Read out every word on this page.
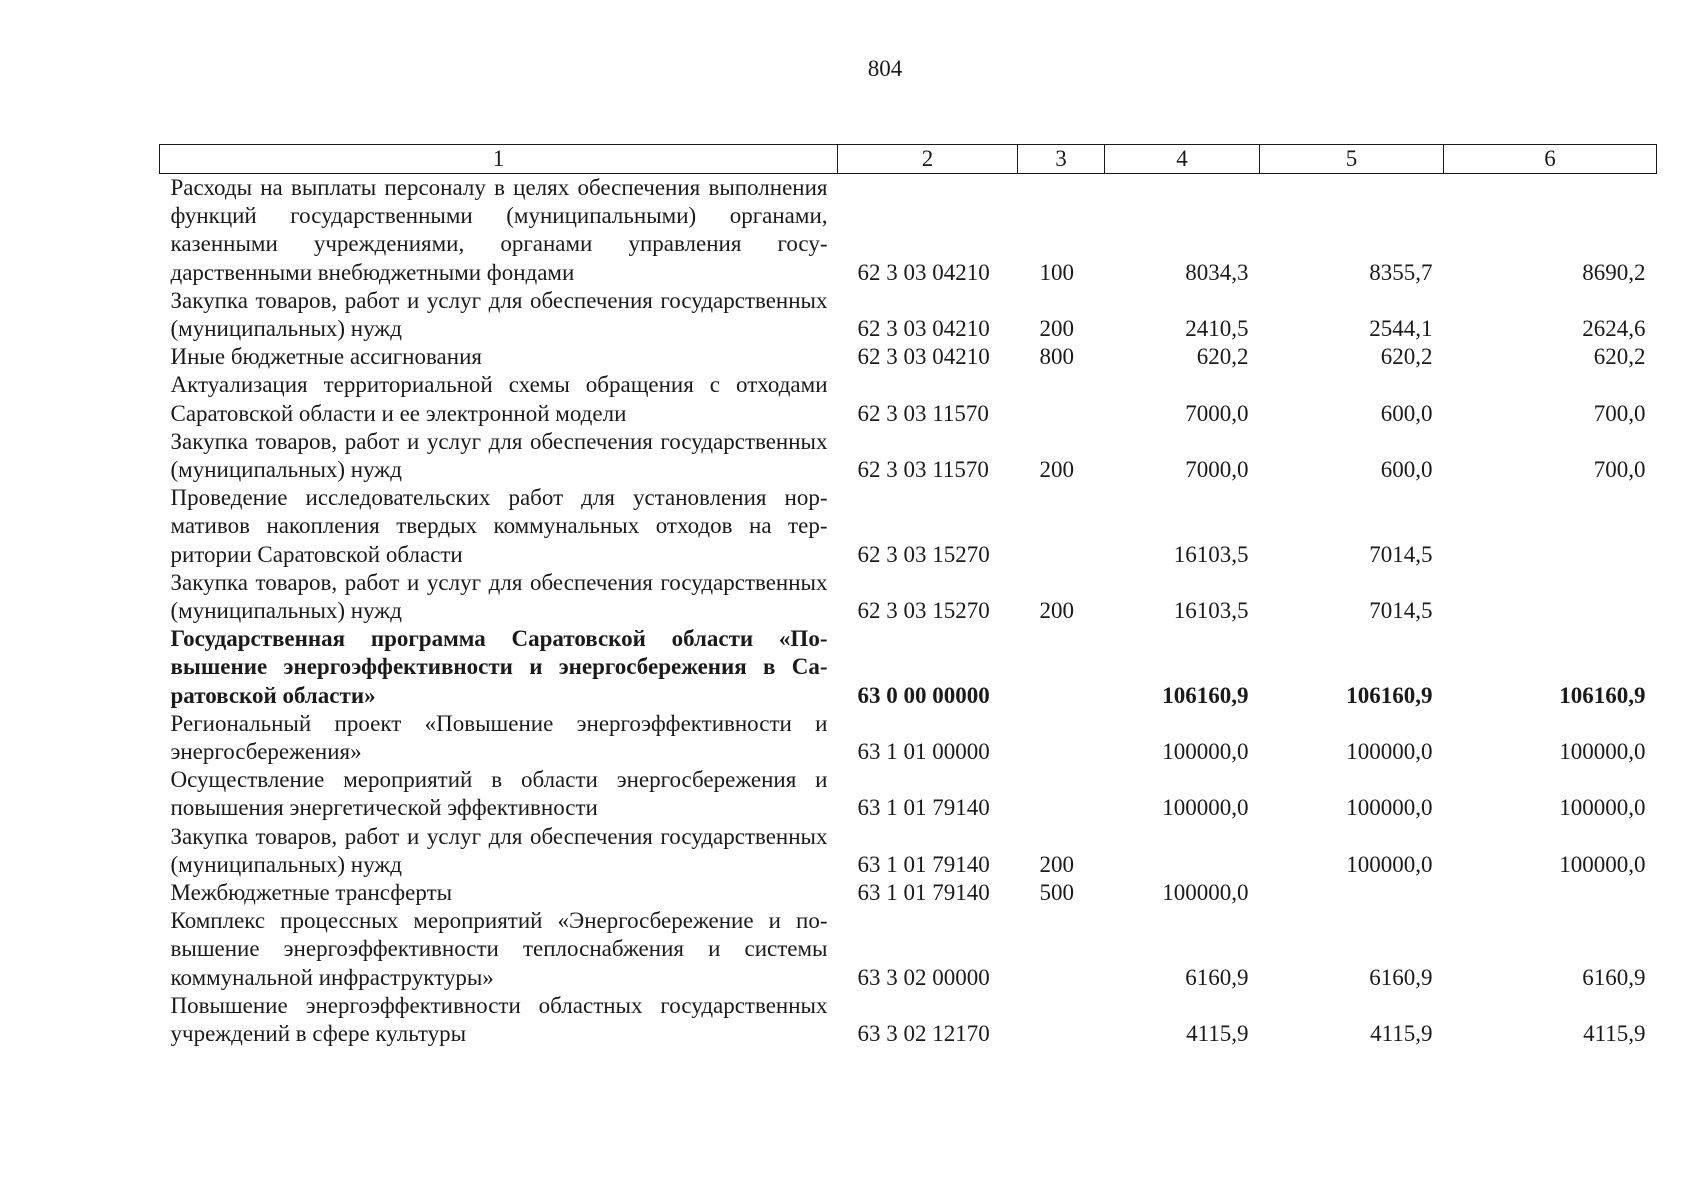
804
1	2	3	4	5	6
Расходы на выплаты персоналу в целях обеспечения выполнения функций государственными (муниципальными) органами, казенными учреждениями, органами управления государственными внебюджетными фондами	62 3 03 04210	100	8034,3	8355,7	8690,2
Закупка товаров, работ и услуг для обеспечения государственных (муниципальных) нужд	62 3 03 04210	200	2410,5	2544,1	2624,6
Иные бюджетные ассигнования	62 3 03 04210	800	620,2	620,2	620,2
Актуализация территориальной схемы обращения с отходами Саратовской области и ее электронной модели	62 3 03 11570		7000,0	600,0	700,0
Закупка товаров, работ и услуг для обеспечения государственных (муниципальных) нужд	62 3 03 11570	200	7000,0	600,0	700,0
Проведение исследовательских работ для установления нормативов накопления твердых коммунальных отходов на территории Саратовской области	62 3 03 15270		16103,5	7014,5	
Закупка товаров, работ и услуг для обеспечения государственных (муниципальных) нужд	62 3 03 15270	200	16103,5	7014,5	
Государственная программа Саратовской области «Повышение энергоэффективности и энергосбережения в Саратовской области»	63 0 00 00000		106160,9	106160,9	106160,9
Региональный проект «Повышение энергоэффективности и энергосбережения»	63 1 01 00000		100000,0	100000,0	100000,0
Осуществление мероприятий в области энергосбережения и повышения энергетической эффективности	63 1 01 79140		100000,0	100000,0	100000,0
Закупка товаров, работ и услуг для обеспечения государственных (муниципальных) нужд	63 1 01 79140	200		100000,0	100000,0
Межбюджетные трансферты	63 1 01 79140	500	100000,0		
Комплекс процессных мероприятий «Энергосбережение и повышение энергоэффективности теплоснабжения и системы коммунальной инфраструктуры»	63 3 02 00000		6160,9	6160,9	6160,9
Повышение энергоэффективности областных государственных учреждений в сфере культуры	63 3 02 12170		4115,9	4115,9	4115,9
